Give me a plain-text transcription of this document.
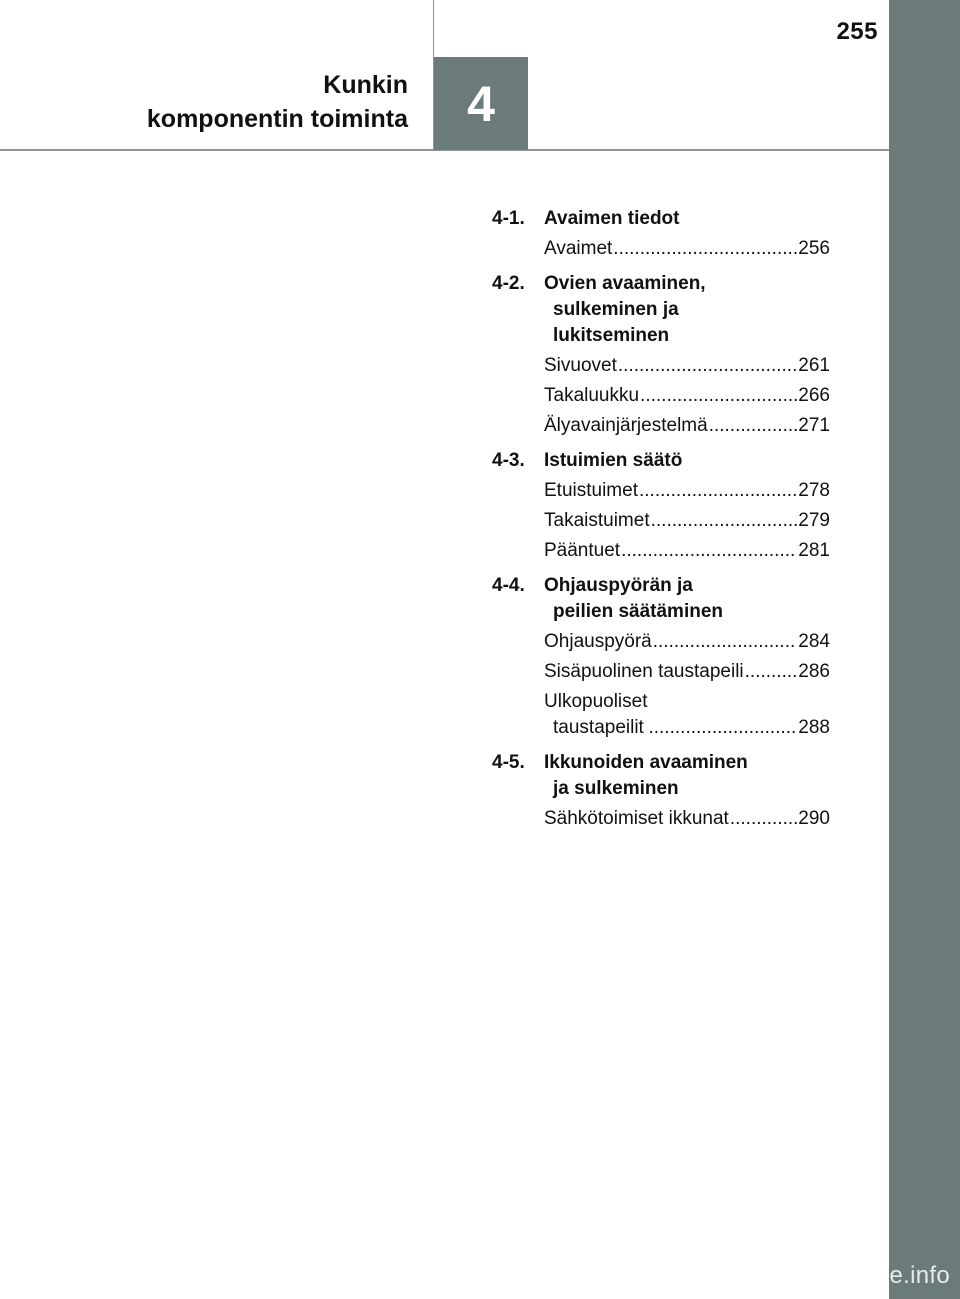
255
4
Kunkin
komponentin toiminta
4-1.	Avaimen tiedot
Avaimet .....	256
4-2.	Ovien avaaminen,
sulkeminen ja
lukitseminen
Sivuovet .....	261
Takaluukku .....	266
Älyavainjärjestelmä .....	271
4-3.	Istuimien säätö
Etuistuimet .....	278
Takaistuimet .....	279
Pääntuet .....	281
4-4.	Ohjauspyörän ja
peilien säätäminen
Ohjauspyörä .....	284
Sisäpuolinen taustapeili .....	286
Ulkopuoliset
taustapeilit .....	288
4-5.	Ikkunoiden avaaminen
ja sulkeminen
Sähkötoimiset ikkunat .....	290
carmanualsonline.info
